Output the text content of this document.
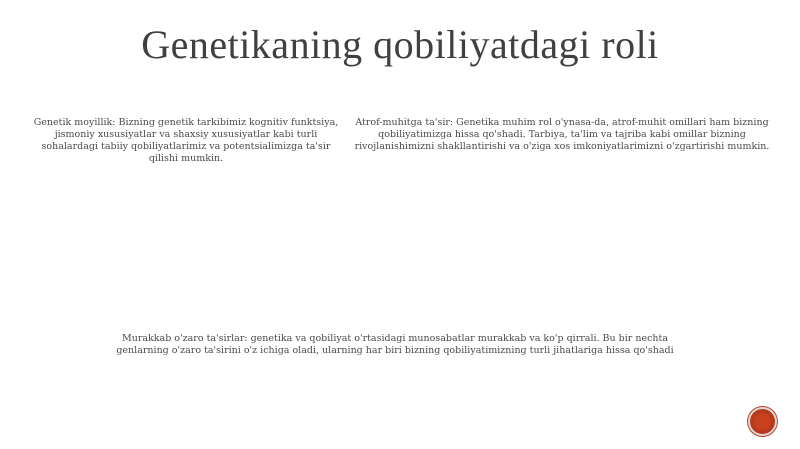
Genetikaning qobiliyatdagi roli
Genetik moyillik: Bizning genetik tarkibimiz kognitiv funktsiya, jismoniy xususiyatlar va shaxsiy xususiyatlar kabi turli sohalardagi tabiiy qobiliyatlarimiz va potentsialimizga ta'sir qilishi mumkin.
Atrof-muhitga ta'sir: Genetika muhim rol o'ynasa-da, atrof-muhit omillari ham bizning qobiliyatimizga hissa qo'shadi. Tarbiya, ta'lim va tajriba kabi omillar bizning rivojlanishimizni shakllantirishi va o'ziga xos imkoniyatlarimizni o'zgartirishi mumkin.
Murakkab o'zaro ta'sirlar: genetika va qobiliyat o'rtasidagi munosabatlar murakkab va ko'p qirrali. Bu bir nechta genlarning o'zaro ta'sirini o'z ichiga oladi, ularning har biri bizning qobiliyatimizning turli jihatlariga hissa qo'shadi
